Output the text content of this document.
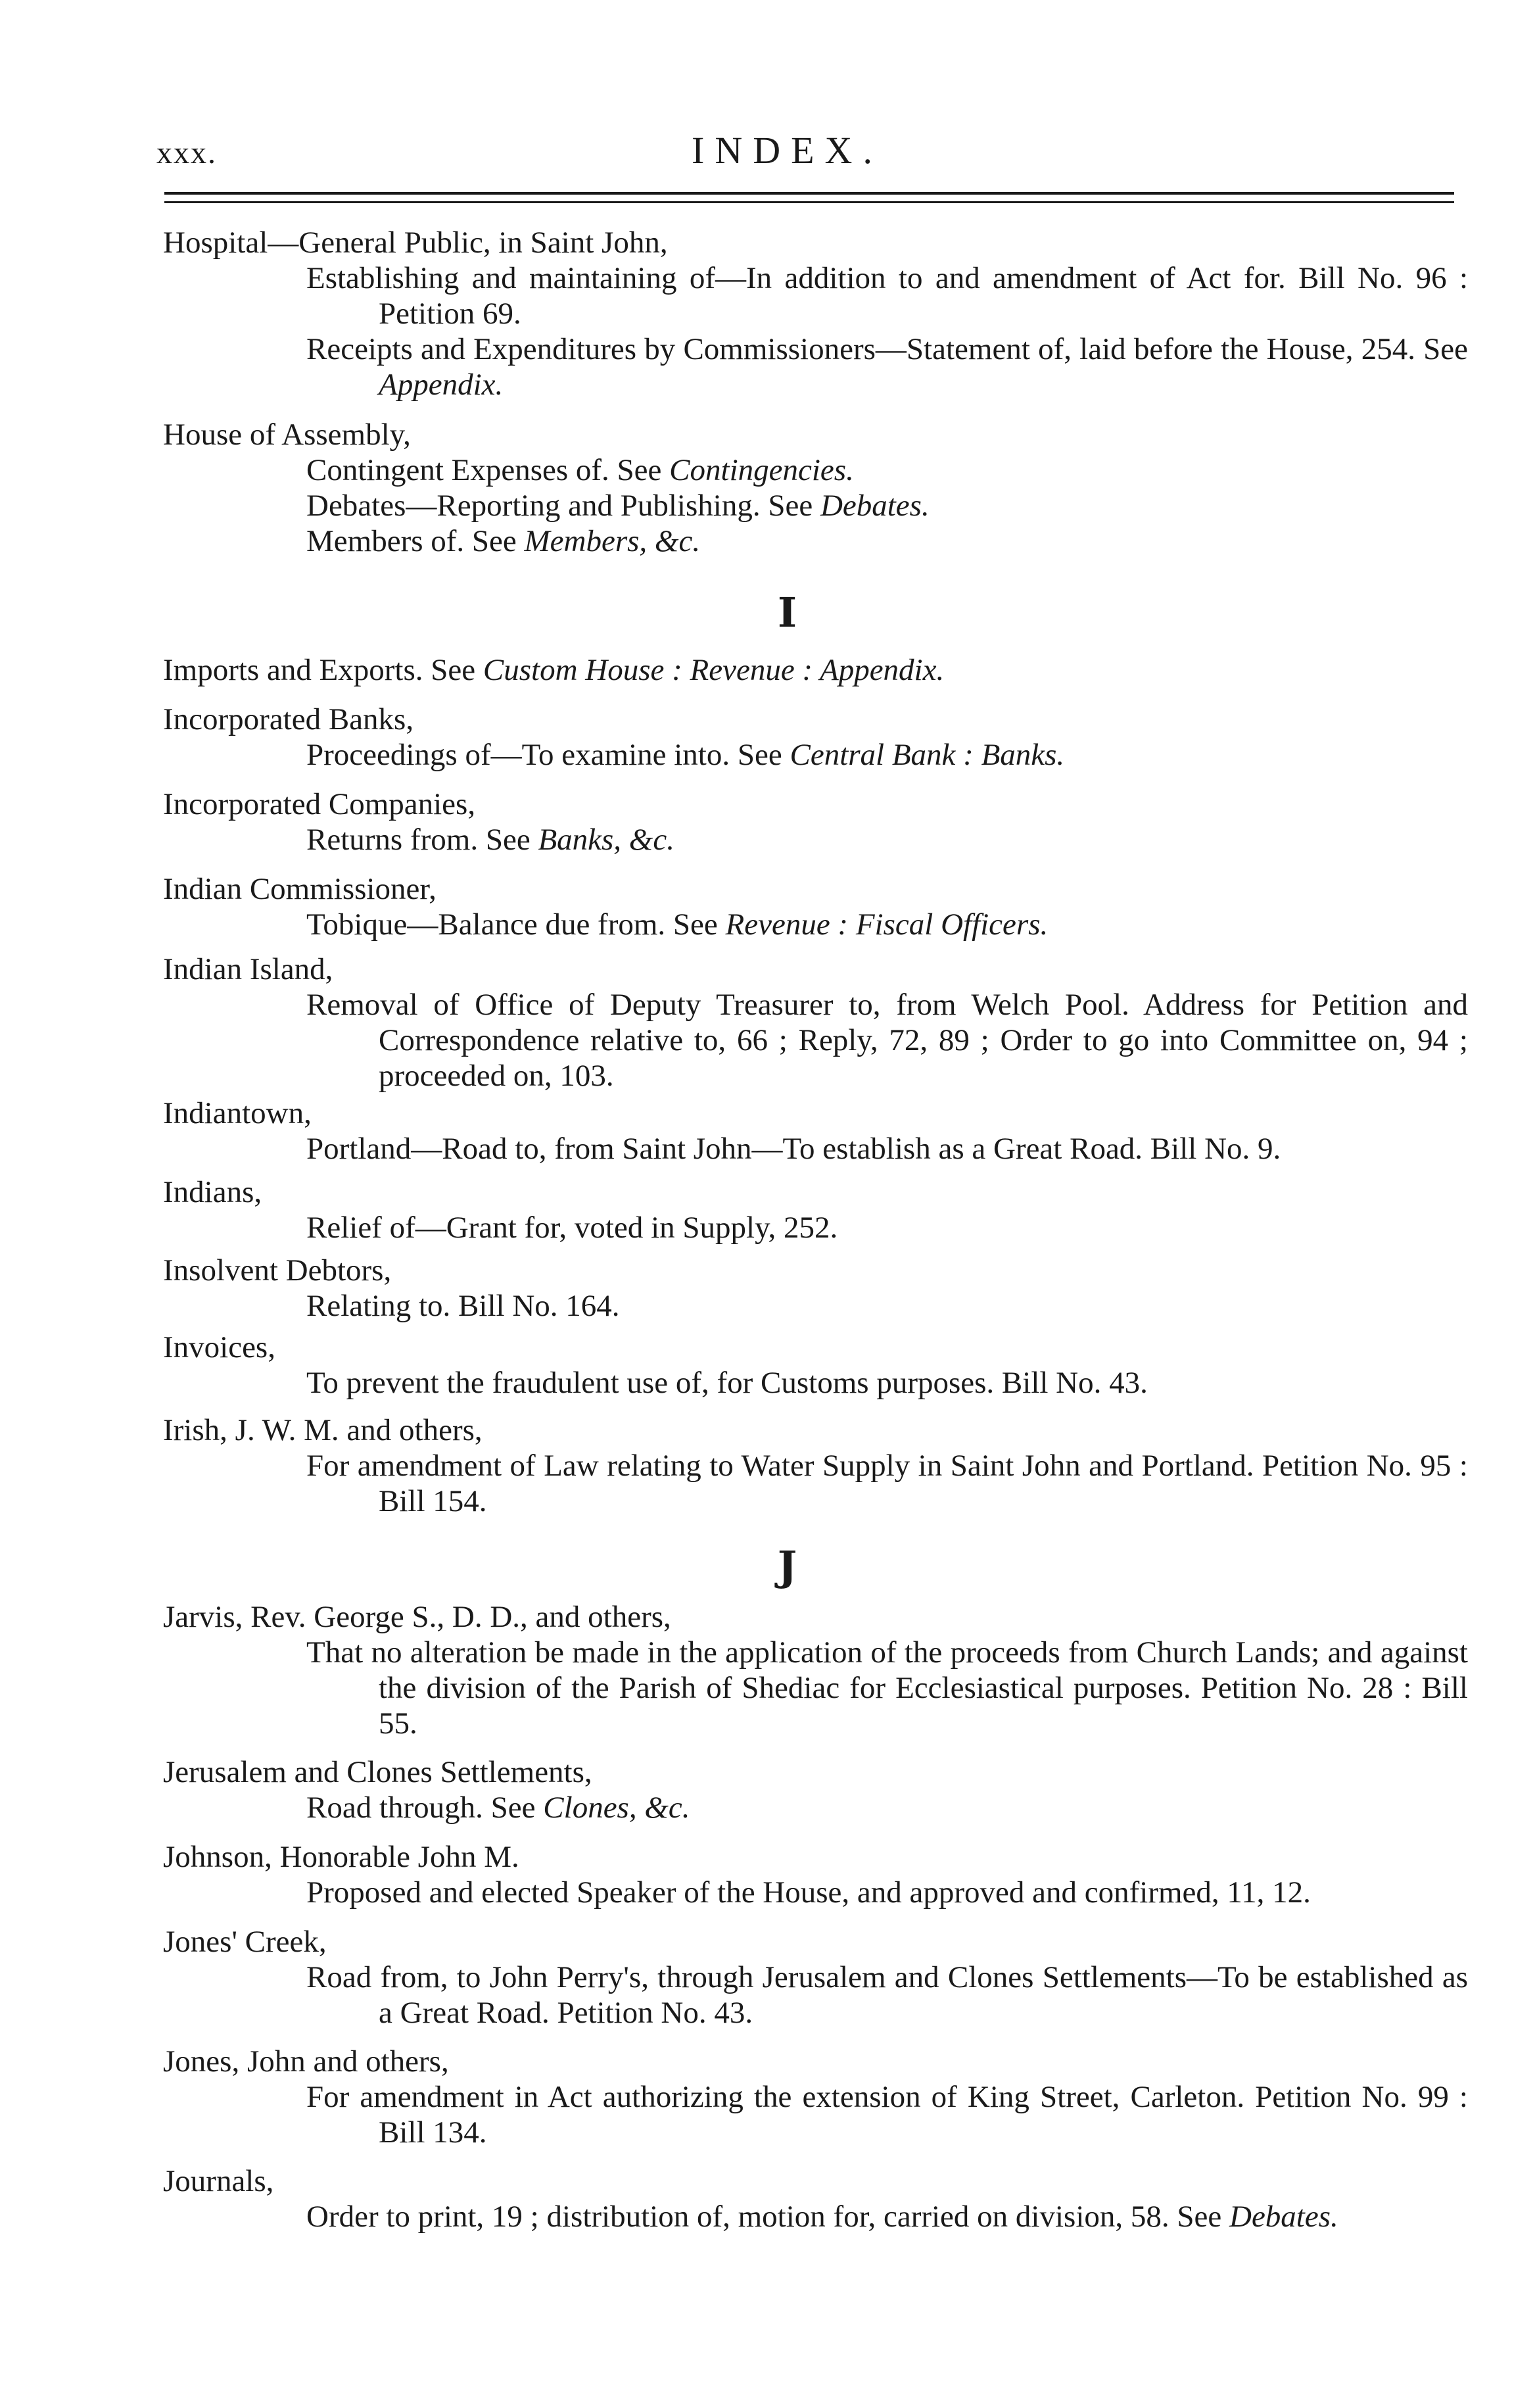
xxx.	INDEX.
Hospital—General Public, in Saint John,
Establishing and maintaining of—In addition to and amendment of Act for. Bill No. 96 : Petition 69.
Receipts and Expenditures by Commissioners—Statement of, laid before the House, 254. See Appendix.
House of Assembly,
Contingent Expenses of. See Contingencies.
Debates—Reporting and Publishing. See Debates.
Members of. See Members, &c.
I
Imports and Exports. See Custom House : Revenue : Appendix.
Incorporated Banks,
Proceedings of—To examine into. See Central Bank : Banks.
Incorporated Companies,
Returns from. See Banks, &c.
Indian Commissioner,
Tobique—Balance due from. See Revenue : Fiscal Officers.
Indian Island,
Removal of Office of Deputy Treasurer to, from Welch Pool. Address for Petition and Correspondence relative to, 66 ; Reply, 72, 89 ; Order to go into Committee on, 94 ; proceeded on, 103.
Indiantown,
Portland—Road to, from Saint John—To establish as a Great Road. Bill No. 9.
Indians,
Relief of—Grant for, voted in Supply, 252.
Insolvent Debtors,
Relating to. Bill No. 164.
Invoices,
To prevent the fraudulent use of, for Customs purposes. Bill No. 43.
Irish, J. W. M. and others,
For amendment of Law relating to Water Supply in Saint John and Portland. Petition No. 95 : Bill 154.
J
Jarvis, Rev. George S., D. D., and others,
That no alteration be made in the application of the proceeds from Church Lands; and against the division of the Parish of Shediac for Ecclesiastical purposes. Petition No. 28 : Bill 55.
Jerusalem and Clones Settlements,
Road through. See Clones, &c.
Johnson, Honorable John M.
Proposed and elected Speaker of the House, and approved and confirmed, 11, 12.
Jones' Creek,
Road from, to John Perry's, through Jerusalem and Clones Settlements—To be established as a Great Road. Petition No. 43.
Jones, John and others,
For amendment in Act authorizing the extension of King Street, Carleton. Petition No. 99 : Bill 134.
Journals,
Order to print, 19 ; distribution of, motion for, carried on division, 58. See Debates.
